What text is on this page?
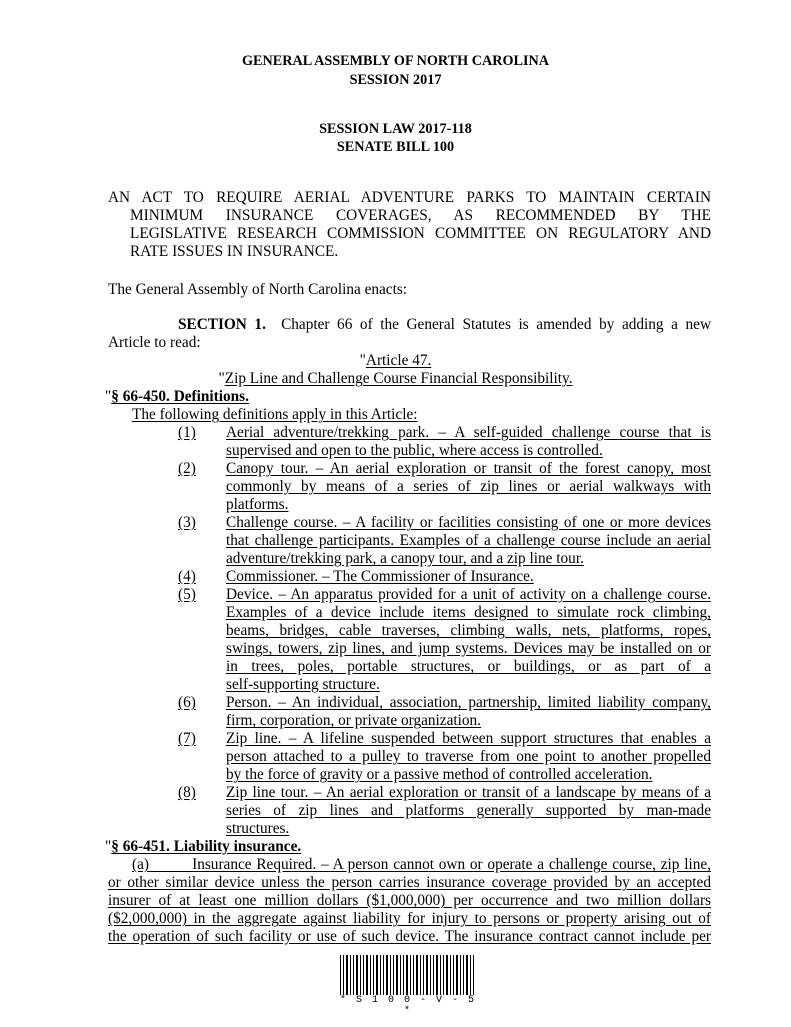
GENERAL ASSEMBLY OF NORTH CAROLINA
SESSION 2017
SESSION LAW 2017-118
SENATE BILL 100
AN ACT TO REQUIRE AERIAL ADVENTURE PARKS TO MAINTAIN CERTAIN
MINIMUM INSURANCE COVERAGES, AS RECOMMENDED BY THE
LEGISLATIVE RESEARCH COMMISSION COMMITTEE ON REGULATORY AND
RATE ISSUES IN INSURANCE.
The General Assembly of North Carolina enacts:
SECTION 1. Chapter 66 of the General Statutes is amended by adding a new
Article to read:
"Article 47.
"Zip Line and Challenge Course Financial Responsibility.
"§ 66-450. Definitions.
The following definitions apply in this Article:
(1) Aerial adventure/trekking park. – A self-guided challenge course that is
supervised and open to the public, where access is controlled.
(2) Canopy tour. – An aerial exploration or transit of the forest canopy, most
commonly by means of a series of zip lines or aerial walkways with
platforms.
(3) Challenge course. – A facility or facilities consisting of one or more devices
that challenge participants. Examples of a challenge course include an aerial
adventure/trekking park, a canopy tour, and a zip line tour.
(4) Commissioner. – The Commissioner of Insurance.
(5) Device. – An apparatus provided for a unit of activity on a challenge course.
Examples of a device include items designed to simulate rock climbing,
beams, bridges, cable traverses, climbing walls, nets, platforms, ropes,
swings, towers, zip lines, and jump systems. Devices may be installed on or
in trees, poles, portable structures, or buildings, or as part of a
self-supporting structure.
(6) Person. – An individual, association, partnership, limited liability company,
firm, corporation, or private organization.
(7) Zip line. – A lifeline suspended between support structures that enables a
person attached to a pulley to traverse from one point to another propelled
by the force of gravity or a passive method of controlled acceleration.
(8) Zip line tour. – An aerial exploration or transit of a landscape by means of a
series of zip lines and platforms generally supported by man-made
structures.
"§ 66-451. Liability insurance.
(a)	Insurance Required. – A person cannot own or operate a challenge course, zip line,
or other similar device unless the person carries insurance coverage provided by an accepted
insurer of at least one million dollars ($1,000,000) per occurrence and two million dollars
($2,000,000) in the aggregate against liability for injury to persons or property arising out of
the operation of such facility or use of such device. The insurance contract cannot include per
* S 1 0 0 - V - 5 *
